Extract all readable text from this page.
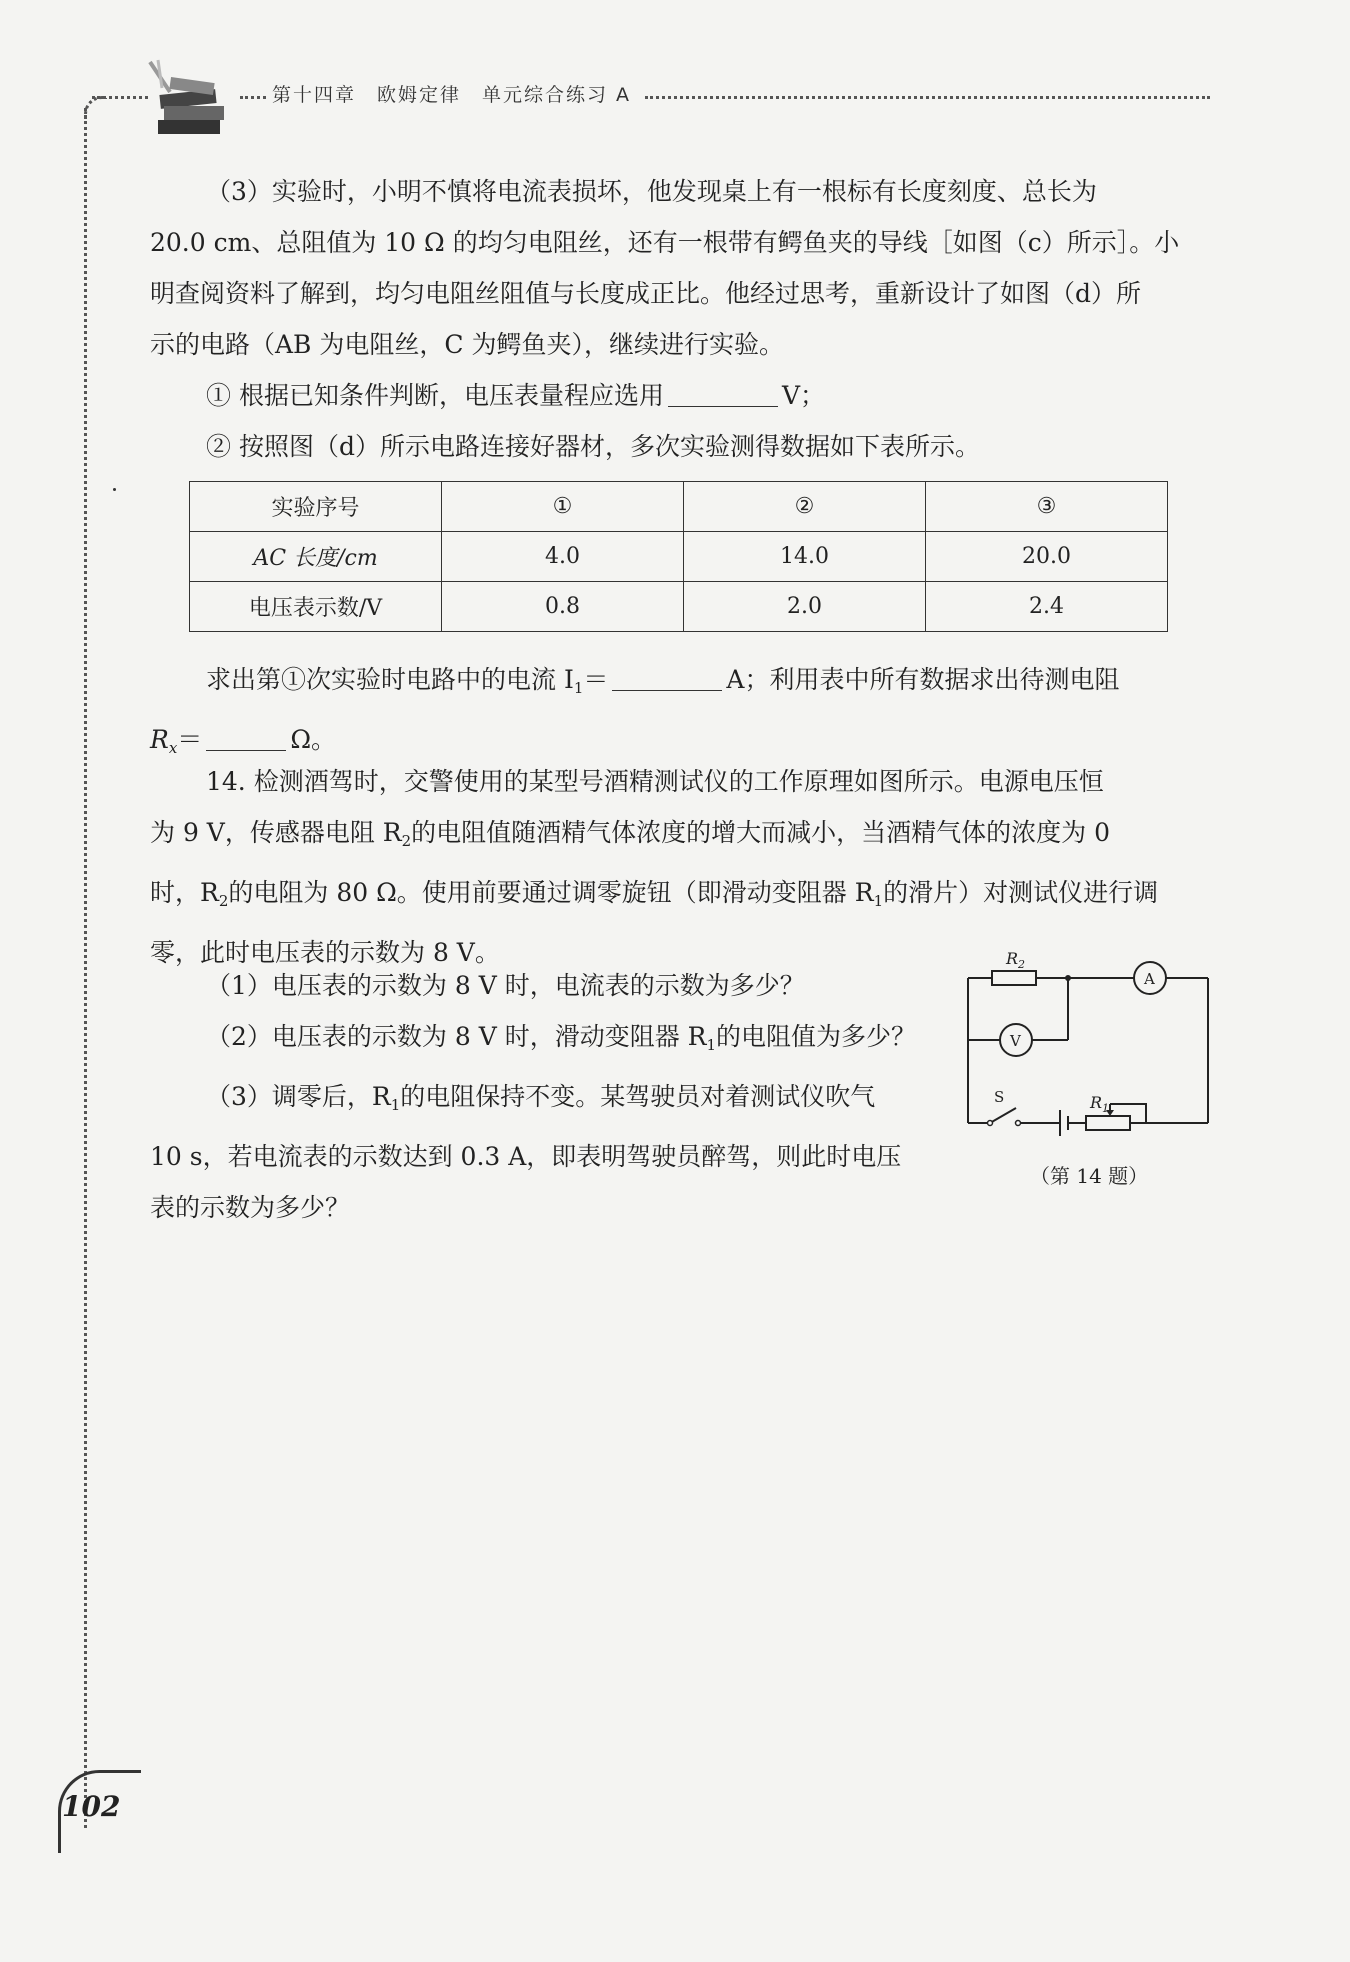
第十四章　欧姆定律　单元综合练习 A

（3）实验时，小明不慎将电流表损坏，他发现桌上有一根标有长度刻度、总长为

20.0 cm、总阻值为 10 Ω 的均匀电阻丝，还有一根带有鳄鱼夹的导线［如图（c）所示］。小

明查阅资料了解到，均匀电阻丝阻值与长度成正比。他经过思考，重新设计了如图（d）所

示的电路（AB 为电阻丝，C 为鳄鱼夹），继续进行实验。

① 根据已知条件判断，电压表量程应选用	V；

② 按照图（d）所示电路连接好器材，多次实验测得数据如下表所示。

实验序号	①	②	③
AC 长度/cm	4.0	14.0	20.0
电压表示数/V	0.8	2.0	2.4

求出第①次实验时电路中的电流 $I_1=$	A；利用表中所有数据求出待测电阻

$R_x=$	Ω。

14. 检测酒驾时，交警使用的某型号酒精测试仪的工作原理如图所示。电源电压恒

为 9 V，传感器电阻 $R_2$的电阻值随酒精气体浓度的增大而减小，当酒精气体的浓度为 0

时，$R_2$的电阻为 80 Ω。使用前要通过调零旋钮（即滑动变阻器 $R_1$的滑片）对测试仪进行调

零，此时电压表的示数为 8 V。

（1）电压表的示数为 8 V 时，电流表的示数为多少？

（2）电压表的示数为 8 V 时，滑动变阻器 $R_1$的电阻值为多少？

（3）调零后，$R_1$的电阻保持不变。某驾驶员对着测试仪吹气

10 s，若电流表的示数达到 0.3 A，即表明驾驶员醉驾，则此时电压

表的示数为多少？

$R_2$
A
V
S	$R_1$
（第 14 题）
102
